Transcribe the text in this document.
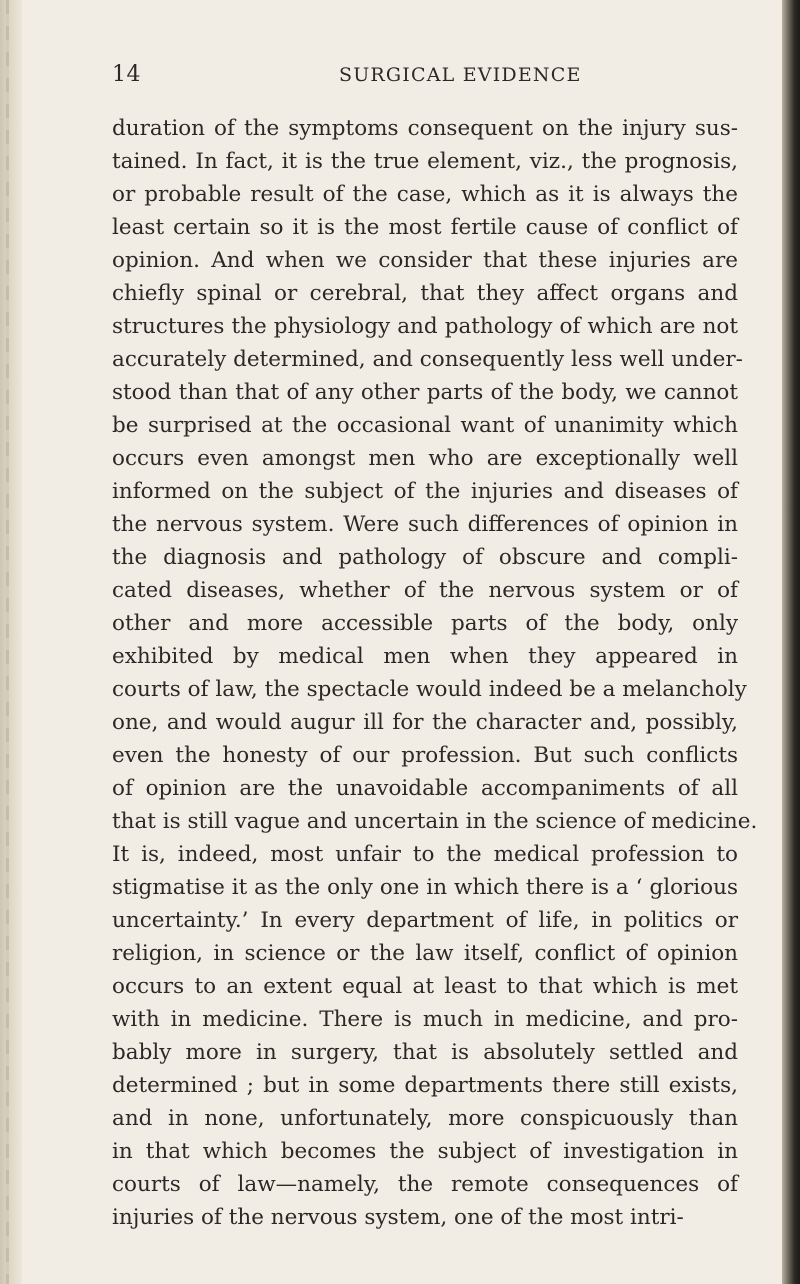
14	SURGICAL EVIDENCE
duration of the symptoms consequent on the injury sus-
tained. In fact, it is the true element, viz., the prognosis,
or probable result of the case, which as it is always the
least certain so it is the most fertile cause of conflict of
opinion. And when we consider that these injuries are
chiefly spinal or cerebral, that they affect organs and
structures the physiology and pathology of which are not
accurately determined, and consequently less well under-
stood than that of any other parts of the body, we cannot
be surprised at the occasional want of unanimity which
occurs even amongst men who are exceptionally well
informed on the subject of the injuries and diseases of
the nervous system. Were such differences of opinion in
the diagnosis and pathology of obscure and compli-
cated diseases, whether of the nervous system or of
other and more accessible parts of the body, only
exhibited by medical men when they appeared in
courts of law, the spectacle would indeed be a melancholy
one, and would augur ill for the character and, possibly,
even the honesty of our profession. But such conflicts
of opinion are the unavoidable accompaniments of all
that is still vague and uncertain in the science of medicine.
It is, indeed, most unfair to the medical profession to
stigmatise it as the only one in which there is a ‘ glorious
uncertainty.’ In every department of life, in politics or
religion, in science or the law itself, conflict of opinion
occurs to an extent equal at least to that which is met
with in medicine. There is much in medicine, and pro-
bably more in surgery, that is absolutely settled and
determined ; but in some departments there still exists,
and in none, unfortunately, more conspicuously than
in that which becomes the subject of investigation in
courts of law—namely, the remote consequences of
injuries of the nervous system, one of the most intri-
